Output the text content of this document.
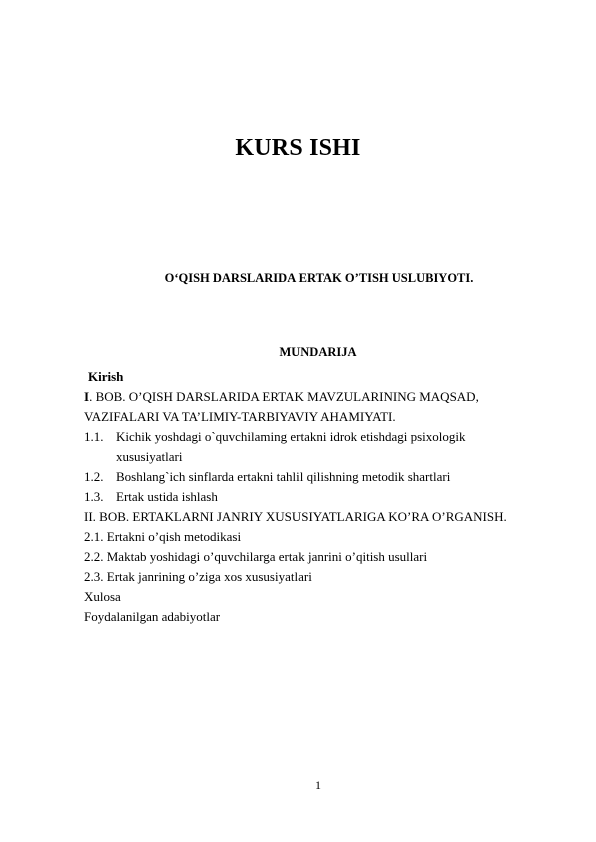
KURS ISHI
O‘QISH DARSLARIDA ERTAK O’TISH USLUBIYOTI.
MUNDARIJA
Kirish
I. BOB. O’QISH DARSLARIDA ERTAK MAVZULARINING MAQSAD,
VAZIFALARI VA TA’LIMIY-TARBIYAVIY AHAMIYATI.
1.1. Kichik yoshdagi o`quvchilaming ertakni idrok etishdagi psixologik
xususiyatlari
1.2. Boshlang`ich sinflarda ertakni tahlil qilishning metodik shartlari
1.3. Ertak ustida ishlash
II. BOB. ERTAKLARNI JANRIY XUSUSIYATLARIGA KO’RA O’RGANISH.
2.1. Ertakni o’qish metodikasi
2.2. Maktab yoshidagi o’quvchilarga ertak janrini o’qitish usullari
2.3. Ertak janrining o’ziga xos xususiyatlari
Xulosa
Foydalanilgan adabiyotlar
1
